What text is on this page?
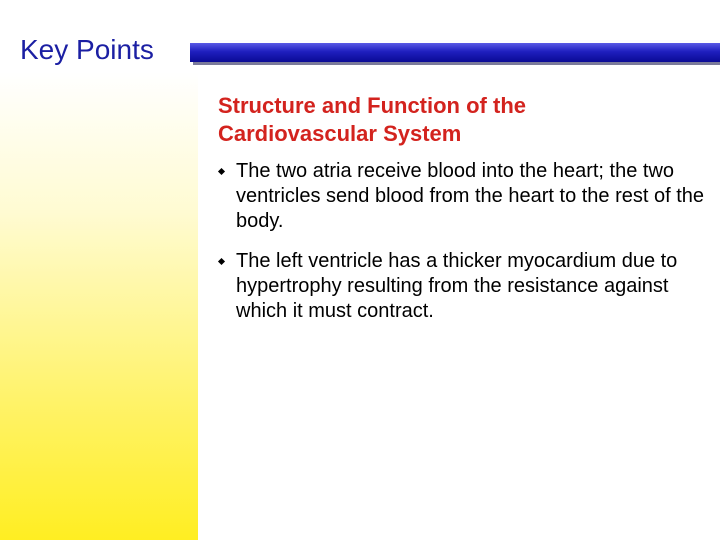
Key Points
Structure and Function of the Cardiovascular System
The two atria receive blood into the heart; the two ventricles send blood from the heart to the rest of the body.
The left ventricle has a thicker myocardium due to hypertrophy resulting from the resistance against which it must contract.
